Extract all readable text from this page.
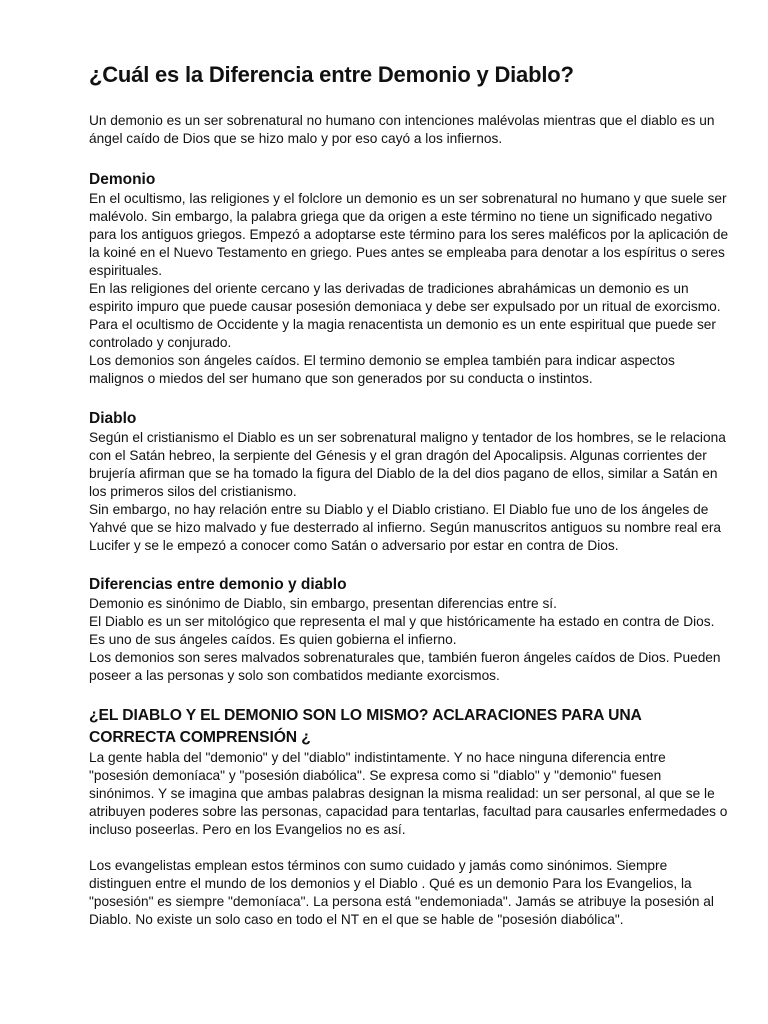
¿Cuál es la Diferencia entre Demonio y Diablo?

Un demonio es un ser sobrenatural no humano con intenciones malévolas mientras que el diablo es un ángel caído de Dios que se hizo malo y por eso cayó a los infiernos.

Demonio

En el ocultismo, las religiones y el folclore un demonio es un ser sobrenatural no humano y que suele ser malévolo. Sin embargo, la palabra griega que da origen a este término no tiene un significado negativo para los antiguos griegos. Empezó a adoptarse este término para los seres maléficos por la aplicación de la koiné en el Nuevo Testamento en griego. Pues antes se empleaba para denotar a los espíritus o seres espirituales.

En las religiones del oriente cercano y las derivadas de tradiciones abrahámicas un demonio es un espirito impuro que puede causar posesión demoniaca y debe ser expulsado por un ritual de exorcismo. Para el ocultismo de Occidente y la magia renacentista un demonio es un ente espiritual que puede ser controlado y conjurado.

Los demonios son ángeles caídos. El termino demonio se emplea también para indicar aspectos malignos o miedos del ser humano que son generados por su conducta o instintos.

Diablo

Según el cristianismo el Diablo es un ser sobrenatural maligno y tentador de los hombres, se le relaciona con el Satán hebreo, la serpiente del Génesis y el gran dragón del Apocalipsis. Algunas corrientes der brujería afirman que se ha tomado la figura del Diablo de la del dios pagano de ellos, similar a Satán en los primeros silos del cristianismo.

Sin embargo, no hay relación entre su Diablo y el Diablo cristiano. El Diablo fue uno de los ángeles de Yahvé que se hizo malvado y fue desterrado al infierno. Según manuscritos antiguos su nombre real era Lucifer y se le empezó a conocer como Satán o adversario por estar en contra de Dios.

Diferencias entre demonio y diablo

Demonio es sinónimo de Diablo, sin embargo, presentan diferencias entre sí.

El Diablo es un ser mitológico que representa el mal y que históricamente ha estado en contra de Dios. Es uno de sus ángeles caídos. Es quien gobierna el infierno.

Los demonios son seres malvados sobrenaturales que, también fueron ángeles caídos de Dios. Pueden poseer a las personas y solo son combatidos mediante exorcismos.

¿EL DIABLO Y EL DEMONIO SON LO MISMO? ACLARACIONES PARA UNA CORRECTA COMPRENSIÓN ¿

La gente habla del "demonio" y del "diablo" indistintamente. Y no hace ninguna diferencia entre "posesión demoníaca" y "posesión diabólica". Se expresa como si "diablo" y "demonio" fuesen sinónimos. Y se imagina que ambas palabras designan la misma realidad: un ser personal, al que se le atribuyen poderes sobre las personas, capacidad para tentarlas, facultad para causarles enfermedades o incluso poseerlas. Pero en los Evangelios no es así.

Los evangelistas emplean estos términos con sumo cuidado y jamás como sinónimos. Siempre distinguen entre el mundo de los demonios y el Diablo . Qué es un demonio Para los Evangelios, la "posesión" es siempre "demoníaca". La persona está "endemoniada". Jamás se atribuye la posesión al Diablo. No existe un solo caso en todo el NT en el que se hable de "posesión diabólica".
